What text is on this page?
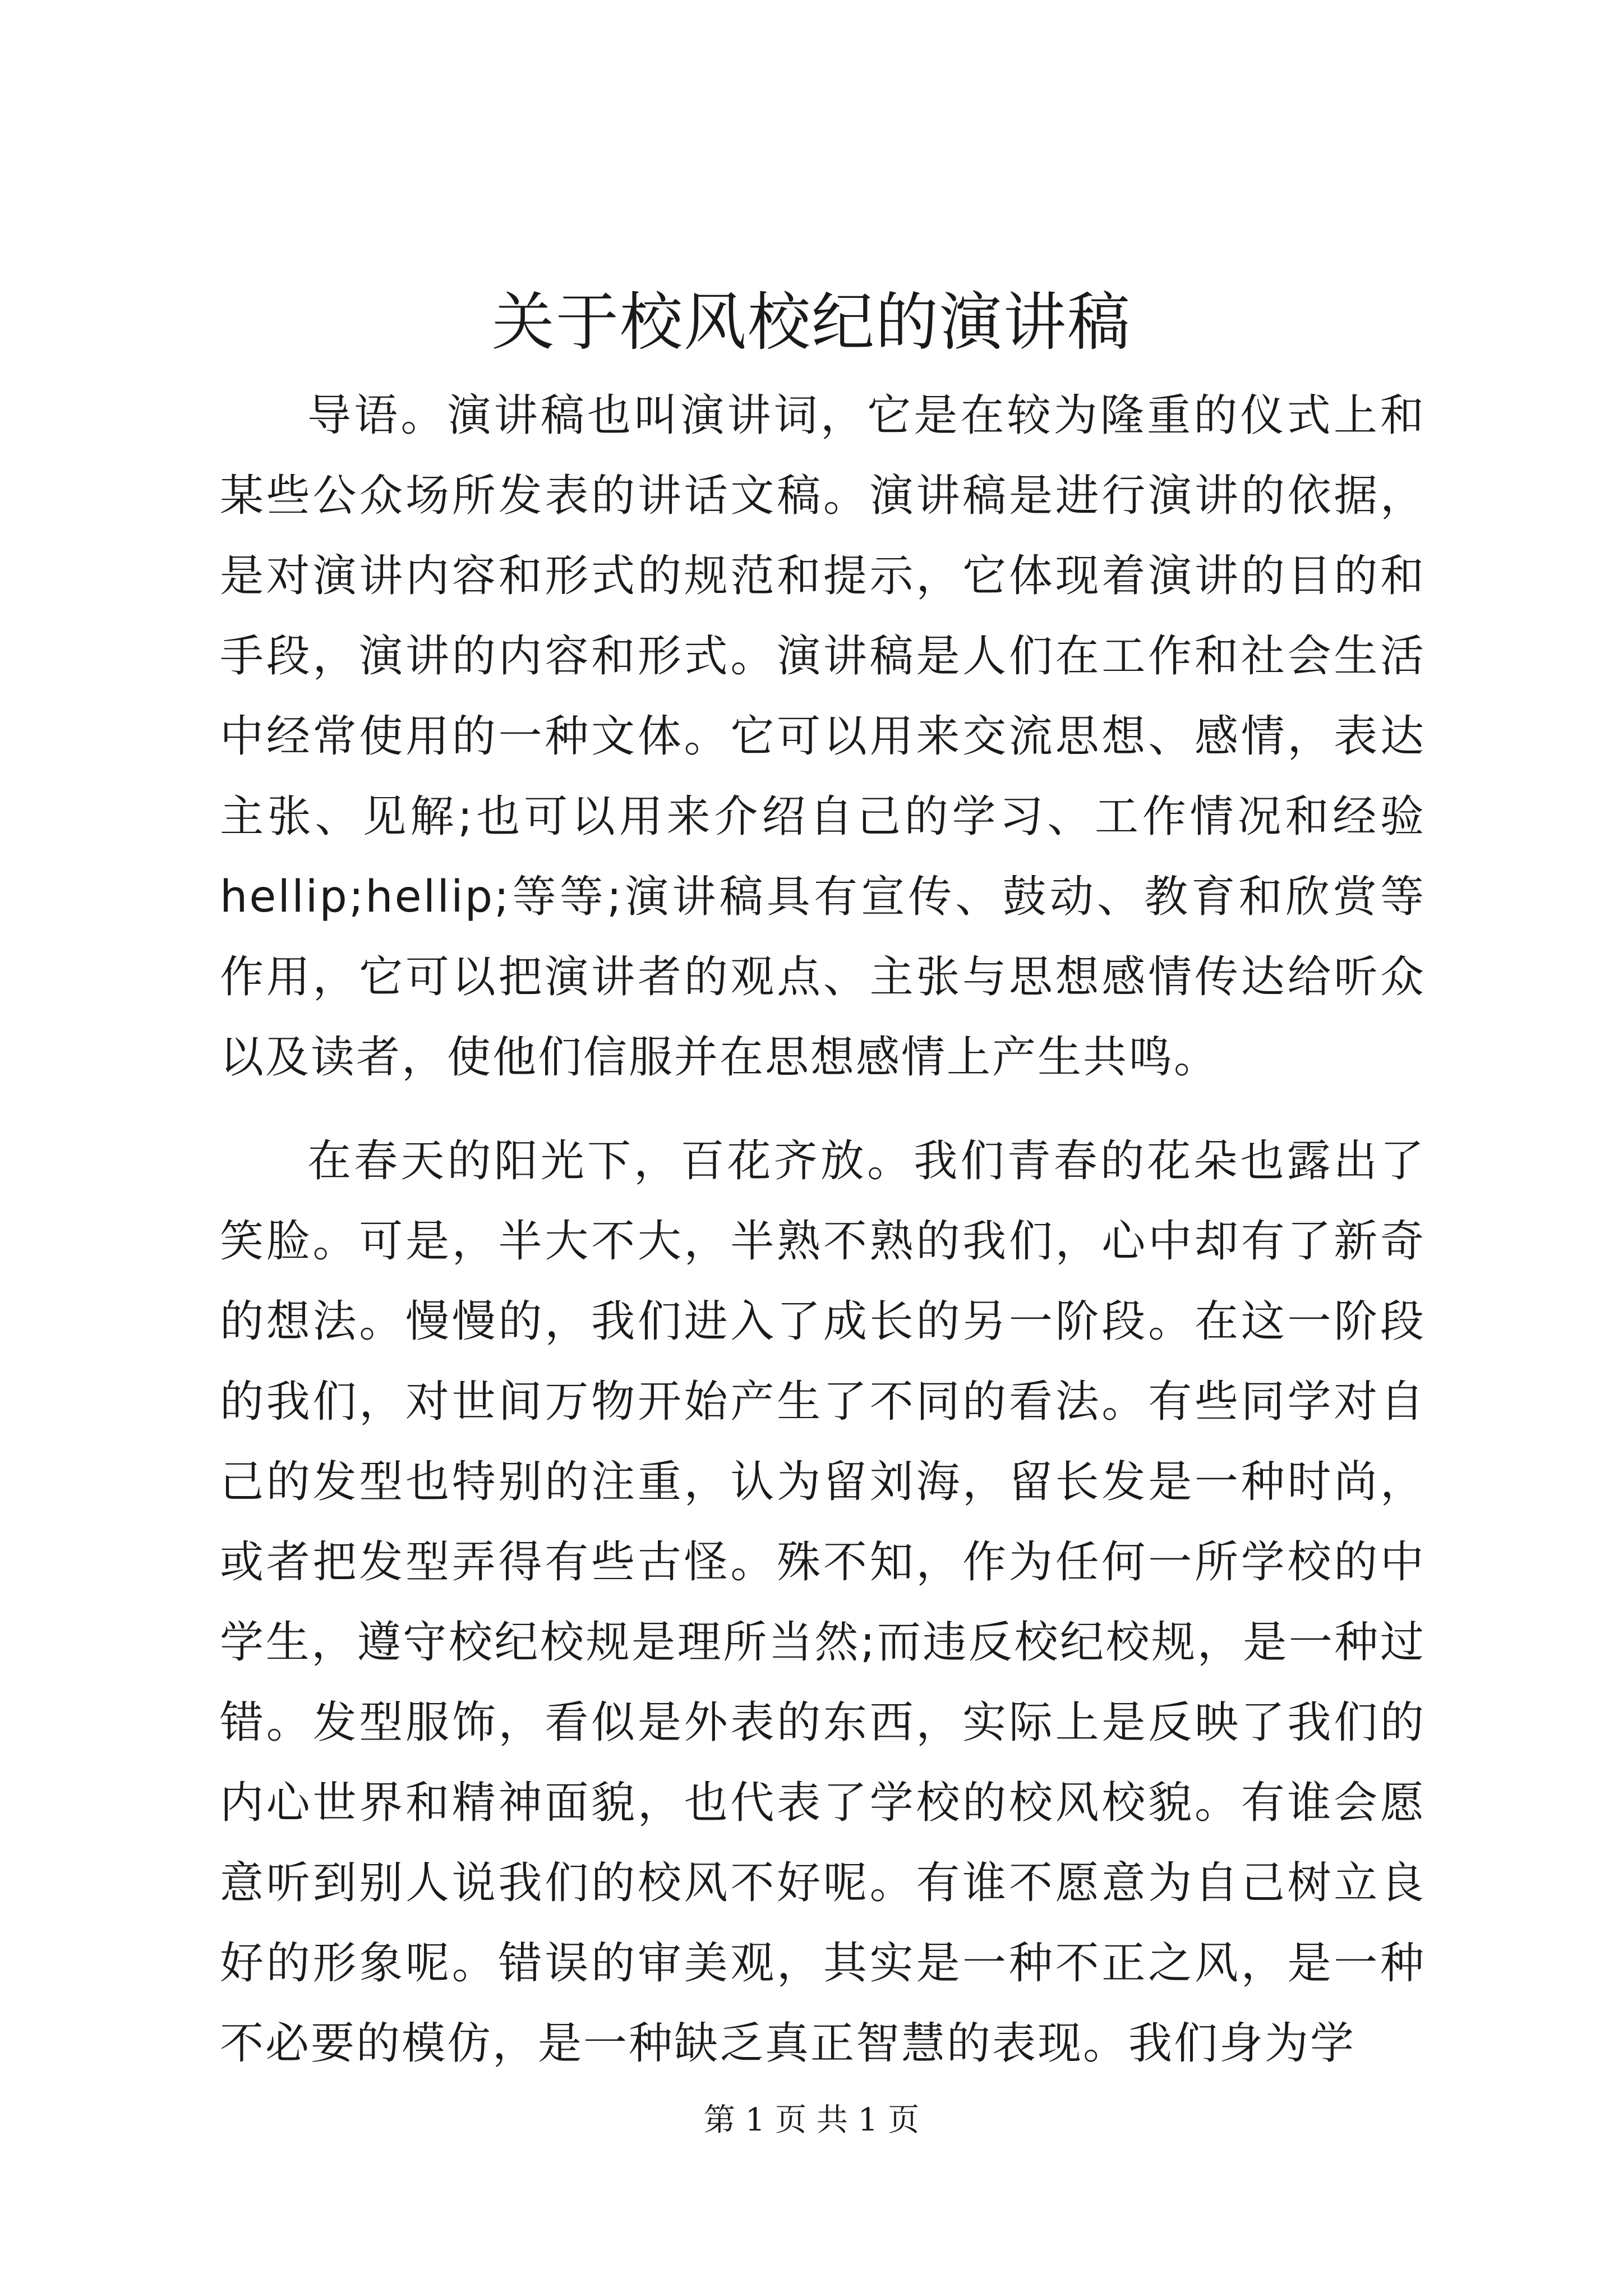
关于校风校纪的演讲稿

导语。演讲稿也叫演讲词，它是在较为隆重的仪式上和某些公众场所发表的讲话文稿。演讲稿是进行演讲的依据，是对演讲内容和形式的规范和提示，它体现着演讲的目的和手段，演讲的内容和形式。演讲稿是人们在工作和社会生活中经常使用的一种文体。它可以用来交流思想、感情，表达主张、见解;也可以用来介绍自己的学习、工作情况和经验hellip;hellip;等等;演讲稿具有宣传、鼓动、教育和欣赏等作用，它可以把演讲者的观点、主张与思想感情传达给听众以及读者，使他们信服并在思想感情上产生共鸣。

在春天的阳光下，百花齐放。我们青春的花朵也露出了笑脸。可是，半大不大，半熟不熟的我们，心中却有了新奇的想法。慢慢的，我们进入了成长的另一阶段。在这一阶段的我们，对世间万物开始产生了不同的看法。有些同学对自己的发型也特别的注重，认为留刘海，留长发是一种时尚，或者把发型弄得有些古怪。殊不知，作为任何一所学校的中学生，遵守校纪校规是理所当然;而违反校纪校规，是一种过错。发型服饰，看似是外表的东西，实际上是反映了我们的内心世界和精神面貌，也代表了学校的校风校貌。有谁会愿意听到别人说我们的校风不好呢。有谁不愿意为自己树立良好的形象呢。错误的审美观，其实是一种不正之风，是一种不必要的模仿，是一种缺乏真正智慧的表现。我们身为学

第 1 页 共 1 页
